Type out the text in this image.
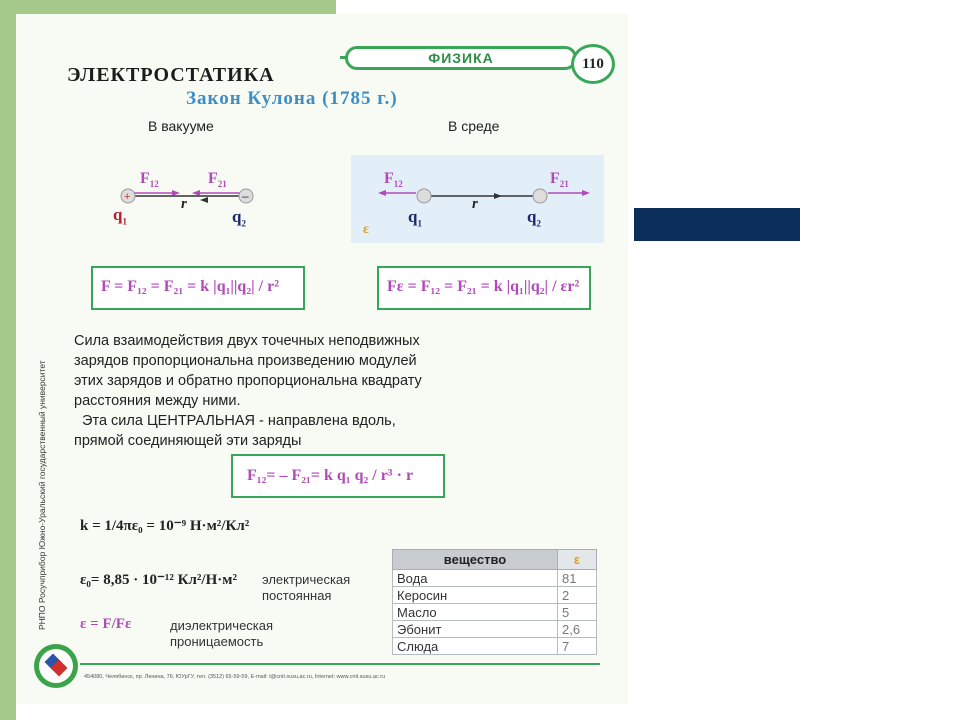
ФИЗИКА	110
ЭЛЕКТРОСТАТИКА
Закон Кулона (1785 г.)
В вакууме	В среде
+	–
$F_{12}$	$F_{21}$
r
$q_1$	$q_2$
$F_{12}$	$F_{21}$
r
$q_1$	$q_2$
ε
F = F₁₂ = F₂₁ = k |q₁||q₂| / r²	Fε = F₁₂ = F₂₁ = k |q₁||q₂| / εr²
Сила взаимодействия двух точечных неподвижных
зарядов пропорциональна произведению модулей
этих зарядов и обратно пропорциональна квадрату
расстояния между ними.
Эта сила ЦЕНТРАЛЬНАЯ - направлена вдоль,
прямой соединяющей эти заряды
F₁₂= – F₂₁= k q₁ q₂ / r³ · r
k = 1/4πε₀ = 10⁻⁹ Н·м²/Кл²
ε₀= 8,85 · 10⁻¹² Кл²/Н·м² электрическая
постоянная
ε = F/Fε	диэлектрическая
проницаемость
вещество	ε
Вода	81
Керосин	2
Масло	5
Эбонит	2,6
Слюда	7
РНПО Росучприбор Южно-Уральский государственный университет
454080, Челябинск, пр. Ленина, 76, ЮУрГУ, тел. (3512) 65-59-59, E-mail: t@cnit.susu.ac.ru, Internet: www.cnit.susu.ac.ru
